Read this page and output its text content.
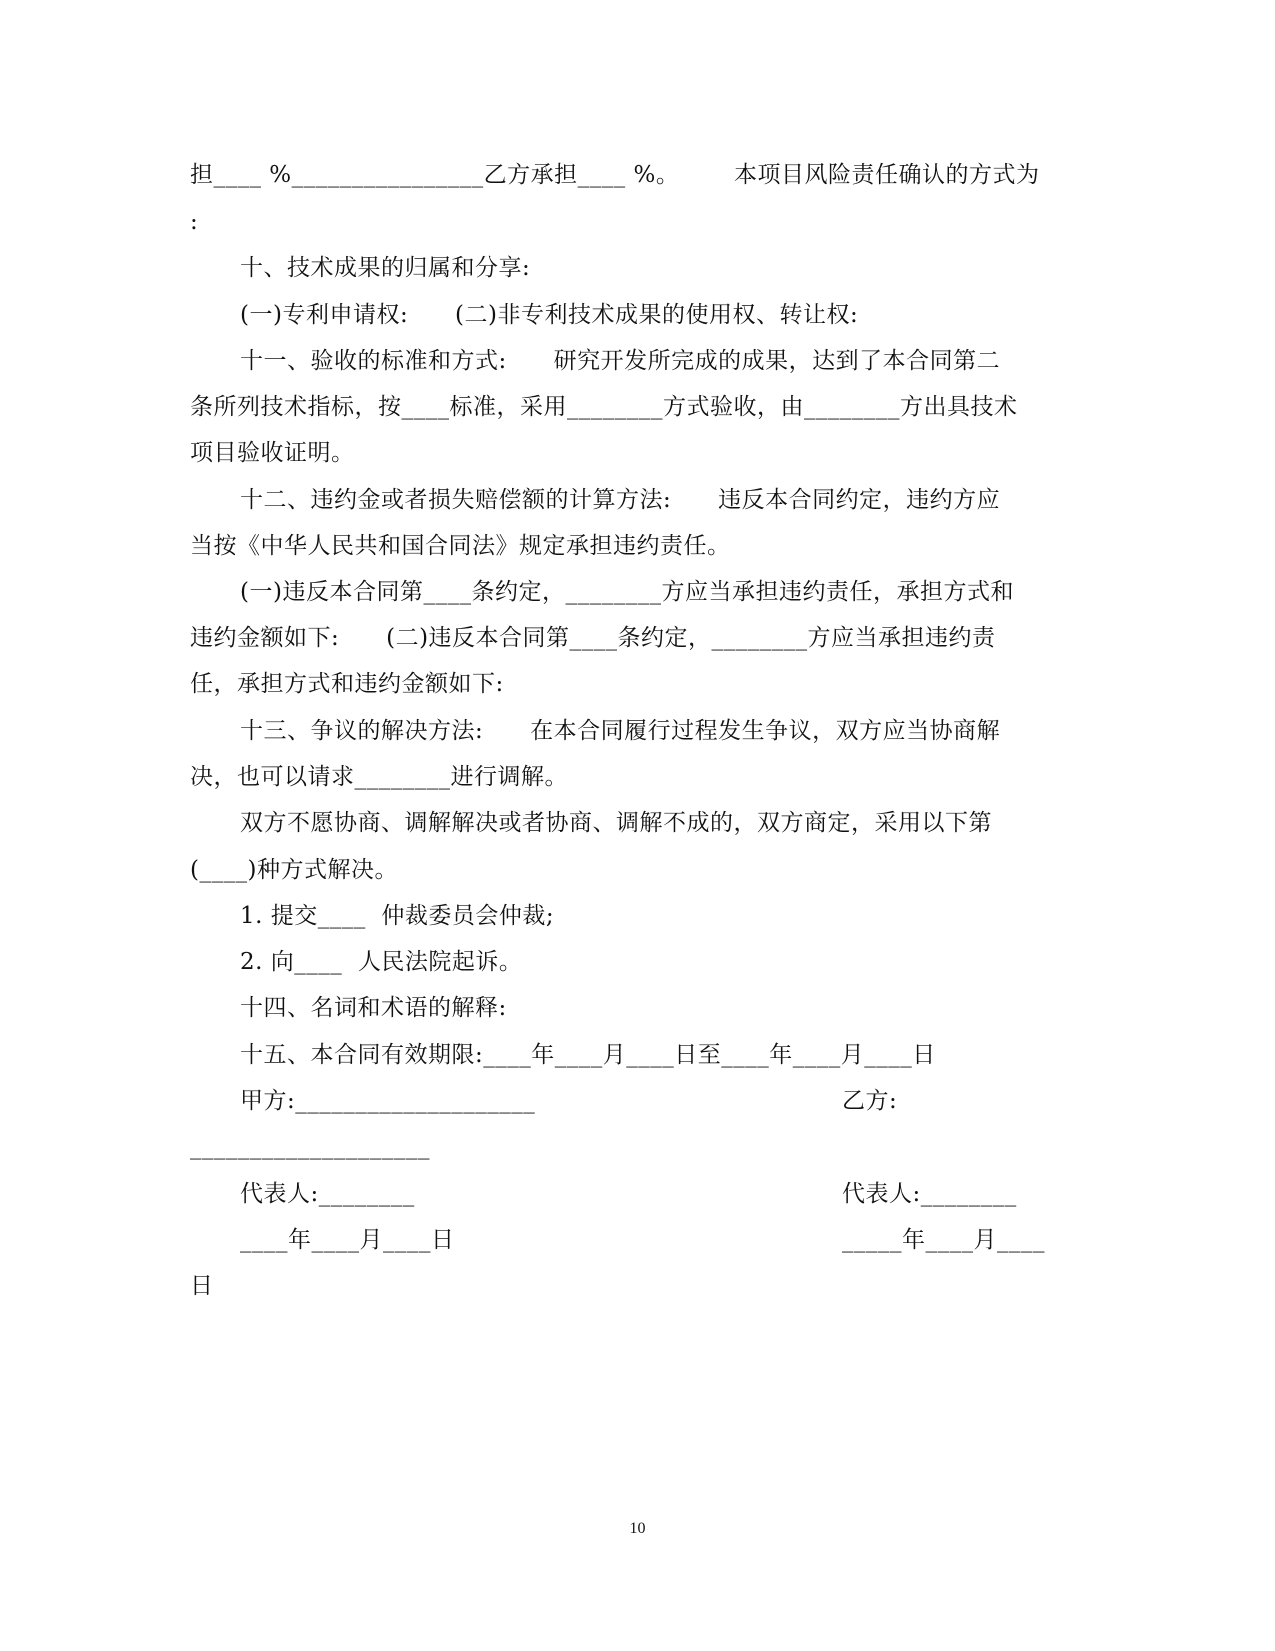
担____ %________________乙方承担____ %。       本项目风险责任确认的方式为
:
十、技术成果的归属和分享:
(一)专利申请权:      (二)非专利技术成果的使用权、转让权:
十一、验收的标准和方式:      研究开发所完成的成果，达到了本合同第二
条所列技术指标，按____标准，采用________方式验收，由________方出具技术
项目验收证明。
十二、违约金或者损失赔偿额的计算方法:      违反本合同约定，违约方应
当按《中华人民共和国合同法》规定承担违约责任。
(一)违反本合同第____条约定，________方应当承担违约责任，承担方式和
违约金额如下:      (二)违反本合同第____条约定，________方应当承担违约责
任，承担方式和违约金额如下:
十三、争议的解决方法:      在本合同履行过程发生争议，双方应当协商解
决，也可以请求________进行调解。
双方不愿协商、调解解决或者协商、调解不成的，双方商定，采用以下第
(____)种方式解决。
1. 提交____  仲裁委员会仲裁;
2. 向____  人民法院起诉。
十四、名词和术语的解释:
十五、本合同有效期限:____年____月____日至____年____月____日
甲方:____________________	乙方:
____________________
代表人:________	代表人:________
____年____月____日	_____年____月____
日
10
